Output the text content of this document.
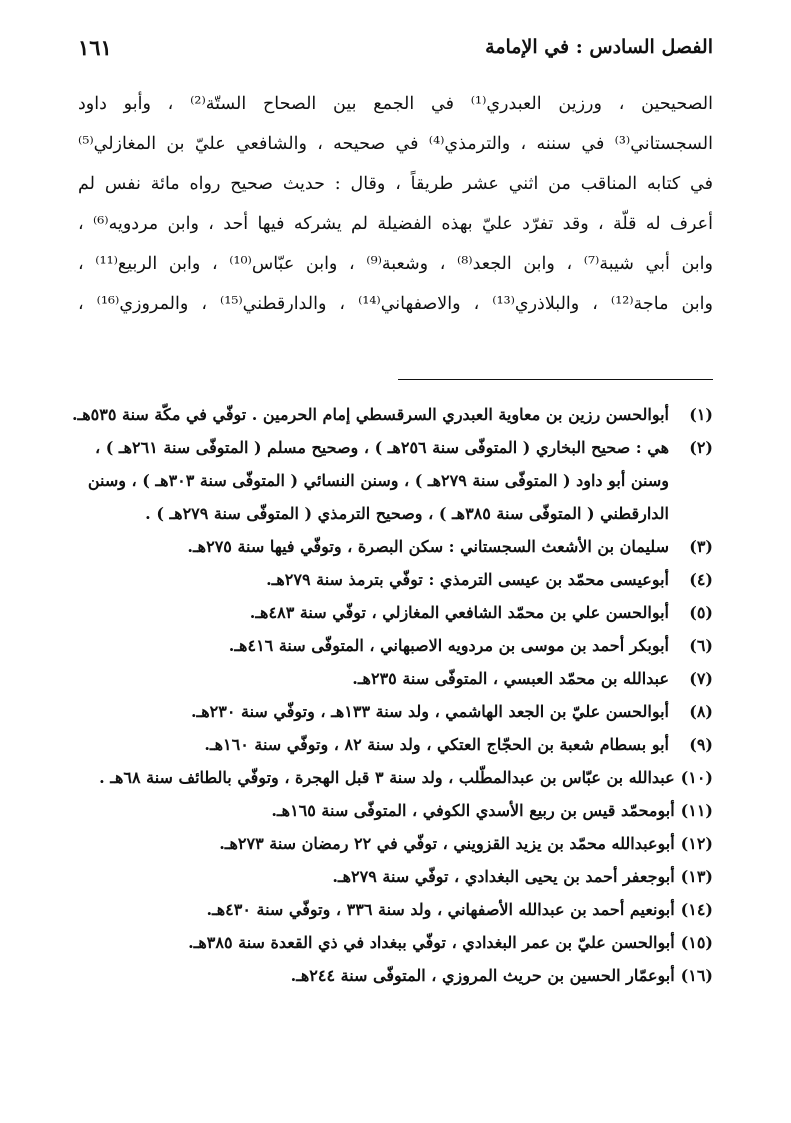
الفصل السادس : في الإمامة
١٦١
الصحيحين ، ورزين العبدري⁽¹⁾ في الجمع بين الصحاح الستّة⁽²⁾ ، وأبو داود
السجستاني⁽³⁾ في سننه ، والترمذي⁽⁴⁾ في صحيحه ، والشافعي عليّ بن المغازلي⁽⁵⁾
في كتابه المناقب من اثني عشر طريقاً ، وقال : حديث صحيح رواه مائة نفس لم
أعرف له قلّة ، وقد تفرّد عليّ بهذه الفضيلة لم يشركه فيها أحد ، وابن مردويه⁽⁶⁾ ،
وابن أبي شيبة⁽⁷⁾ ، وابن الجعد⁽⁸⁾ ، وشعبة⁽⁹⁾ ، وابن عبّاس⁽¹⁰⁾ ، وابن الربيع⁽¹¹⁾ ،
وابن ماجة⁽¹²⁾ ، والبلاذري⁽¹³⁾ ، والاصفهاني⁽¹⁴⁾ ، والدارقطني⁽¹⁵⁾ ، والمروزي⁽¹⁶⁾ ،
(١)
أبوالحسن رزين بن معاوية العبدري السرقسطي إمام الحرمين . توفّي في مكّة سنة ٥٣٥هـ.
(٢)
هي : صحيح البخاري ( المتوفّى سنة ٢٥٦هـ ) ، وصحيح مسلم ( المتوفّى سنة ٢٦١هـ ) ،
وسنن أبو داود ( المتوفّى سنة ٢٧٩هـ ) ، وسنن النسائي ( المتوفّى سنة ٣٠٣هـ ) ، وسنن
الدارقطني ( المتوفّى سنة ٣٨٥هـ ) ، وصحيح الترمذي ( المتوفّى سنة ٢٧٩هـ ) .
(٣)
سليمان بن الأشعث السجستاني : سكن البصرة ، وتوفّي فيها سنة ٢٧٥هـ.
(٤)
أبوعيسى محمّد بن عيسى الترمذي : توفّي بترمذ سنة ٢٧٩هـ.
(٥)
أبوالحسن علي بن محمّد الشافعي المغازلي ، توفّي سنة ٤٨٣هـ.
(٦)
أبوبكر أحمد بن موسى بن مردويه الاصبهاني ، المتوفّى سنة ٤١٦هـ.
(٧)
عبدالله بن محمّد العبسي ، المتوفّى سنة ٢٣٥هـ.
(٨)
أبوالحسن عليّ بن الجعد الهاشمي ، ولد سنة ١٣٣هـ ، وتوفّي سنة ٢٣٠هـ.
(٩)
أبو بسطام شعبة بن الحجّاج العتكي ، ولد سنة ٨٢ ، وتوفّي سنة ١٦٠هـ.
(١٠)
عبدالله بن عبّاس بن عبدالمطّلب ، ولد سنة ٣ قبل الهجرة ، وتوفّي بالطائف سنة ٦٨هـ .
(١١)
أبومحمّد قيس بن ربيع الأسدي الكوفي ، المتوفّى سنة ١٦٥هـ.
(١٢)
أبوعبدالله محمّد بن يزيد القزويني ، توفّي في ٢٢ رمضان سنة ٢٧٣هـ.
(١٣)
أبوجعفر أحمد بن يحيى البغدادي ، توفّي سنة ٢٧٩هـ.
(١٤)
أبونعيم أحمد بن عبدالله الأصفهاني ، ولد سنة ٣٣٦ ، وتوفّي سنة ٤٣٠هـ.
(١٥)
أبوالحسن عليّ بن عمر البغدادي ، توفّي ببغداد في ذي القعدة سنة ٣٨٥هـ.
(١٦)
أبوعمّار الحسين بن حريث المروزي ، المتوفّى سنة ٢٤٤هـ.
